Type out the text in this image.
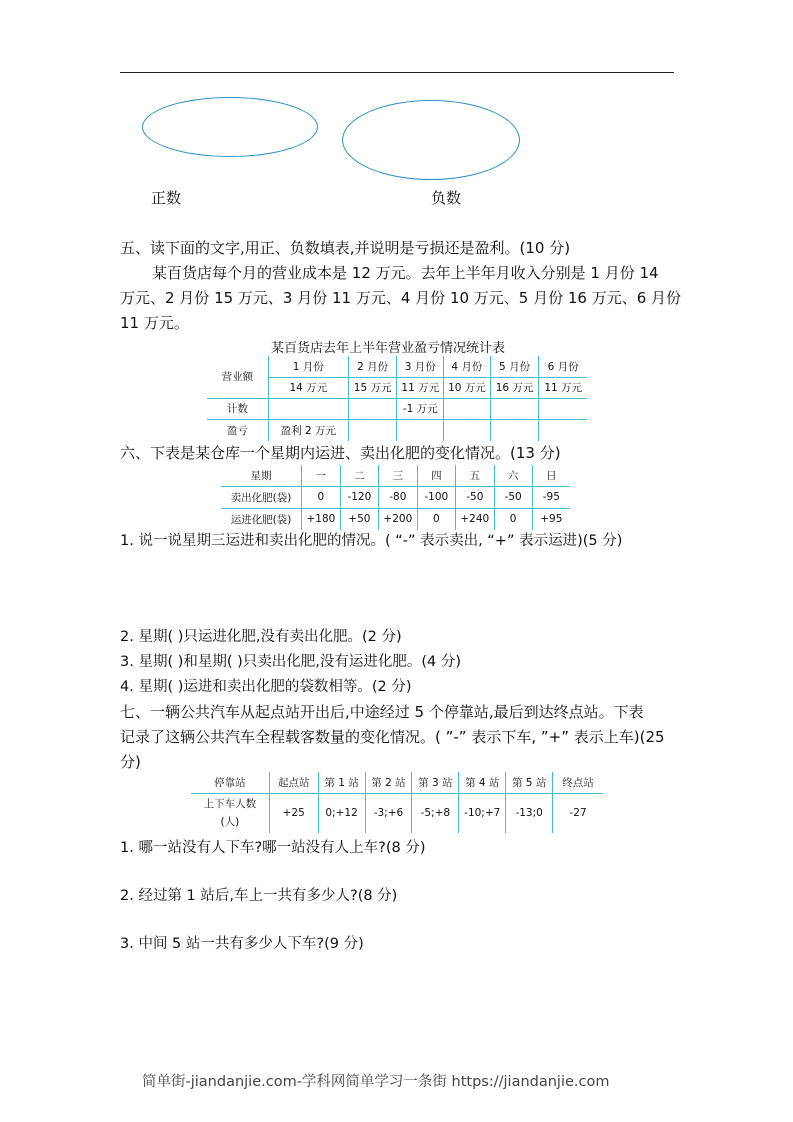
正数	负数
五、读下面的文字,用正、负数填表,并说明是亏损还是盈利。(10 分)
某百货店每个月的营业成本是 12 万元。去年上半年月收入分别是 1 月份 14
万元、2 月份 15 万元、3 月份 11 万元、4 月份 10 万元、5 月份 16 万元、6 月份
11 万元。
某百货店去年上半年营业盈亏情况统计表
营业额	1 月份	2 月份	3 月份	4 月份	5 月份	6 月份
	14 万元	15 万元	11 万元	10 万元	16 万元	11 万元
计数			-1 万元			
盈亏	盈利 2 万元					
六、下表是某仓库一个星期内运进、卖出化肥的变化情况。(13 分)
星期	一	二	三	四	五	六	日
卖出化肥(袋)	0	-120	-80	-100	-50	-50	-95
运进化肥(袋)	+180	+50	+200	0	+240	0	+95
1. 说一说星期三运进和卖出化肥的情况。( “-” 表示卖出, “+” 表示运进)(5 分)
2. 星期( )只运进化肥,没有卖出化肥。(2 分)
3. 星期( )和星期( )只卖出化肥,没有运进化肥。(4 分)
4. 星期( )运进和卖出化肥的袋数相等。(2 分)
七、一辆公共汽车从起点站开出后,中途经过 5 个停靠站,最后到达终点站。下表
记录了这辆公共汽车全程载客数量的变化情况。( ”-” 表示下车, ”+” 表示上车)(25
分)
停靠站	起点站	第 1 站	第 2 站	第 3 站	第 4 站	第 5 站	终点站

上下车人数
(人)	+25	0;+12	-3;+6	-5;+8	-10;+7	-13;0	-27
1. 哪一站没有人下车?哪一站没有人上车?(8 分)
2. 经过第 1 站后,车上一共有多少人?(8 分)
3. 中间 5 站一共有多少人下车?(9 分)
简单街-jiandanjie.com-学科网简单学习一条街 https://jiandanjie.com
